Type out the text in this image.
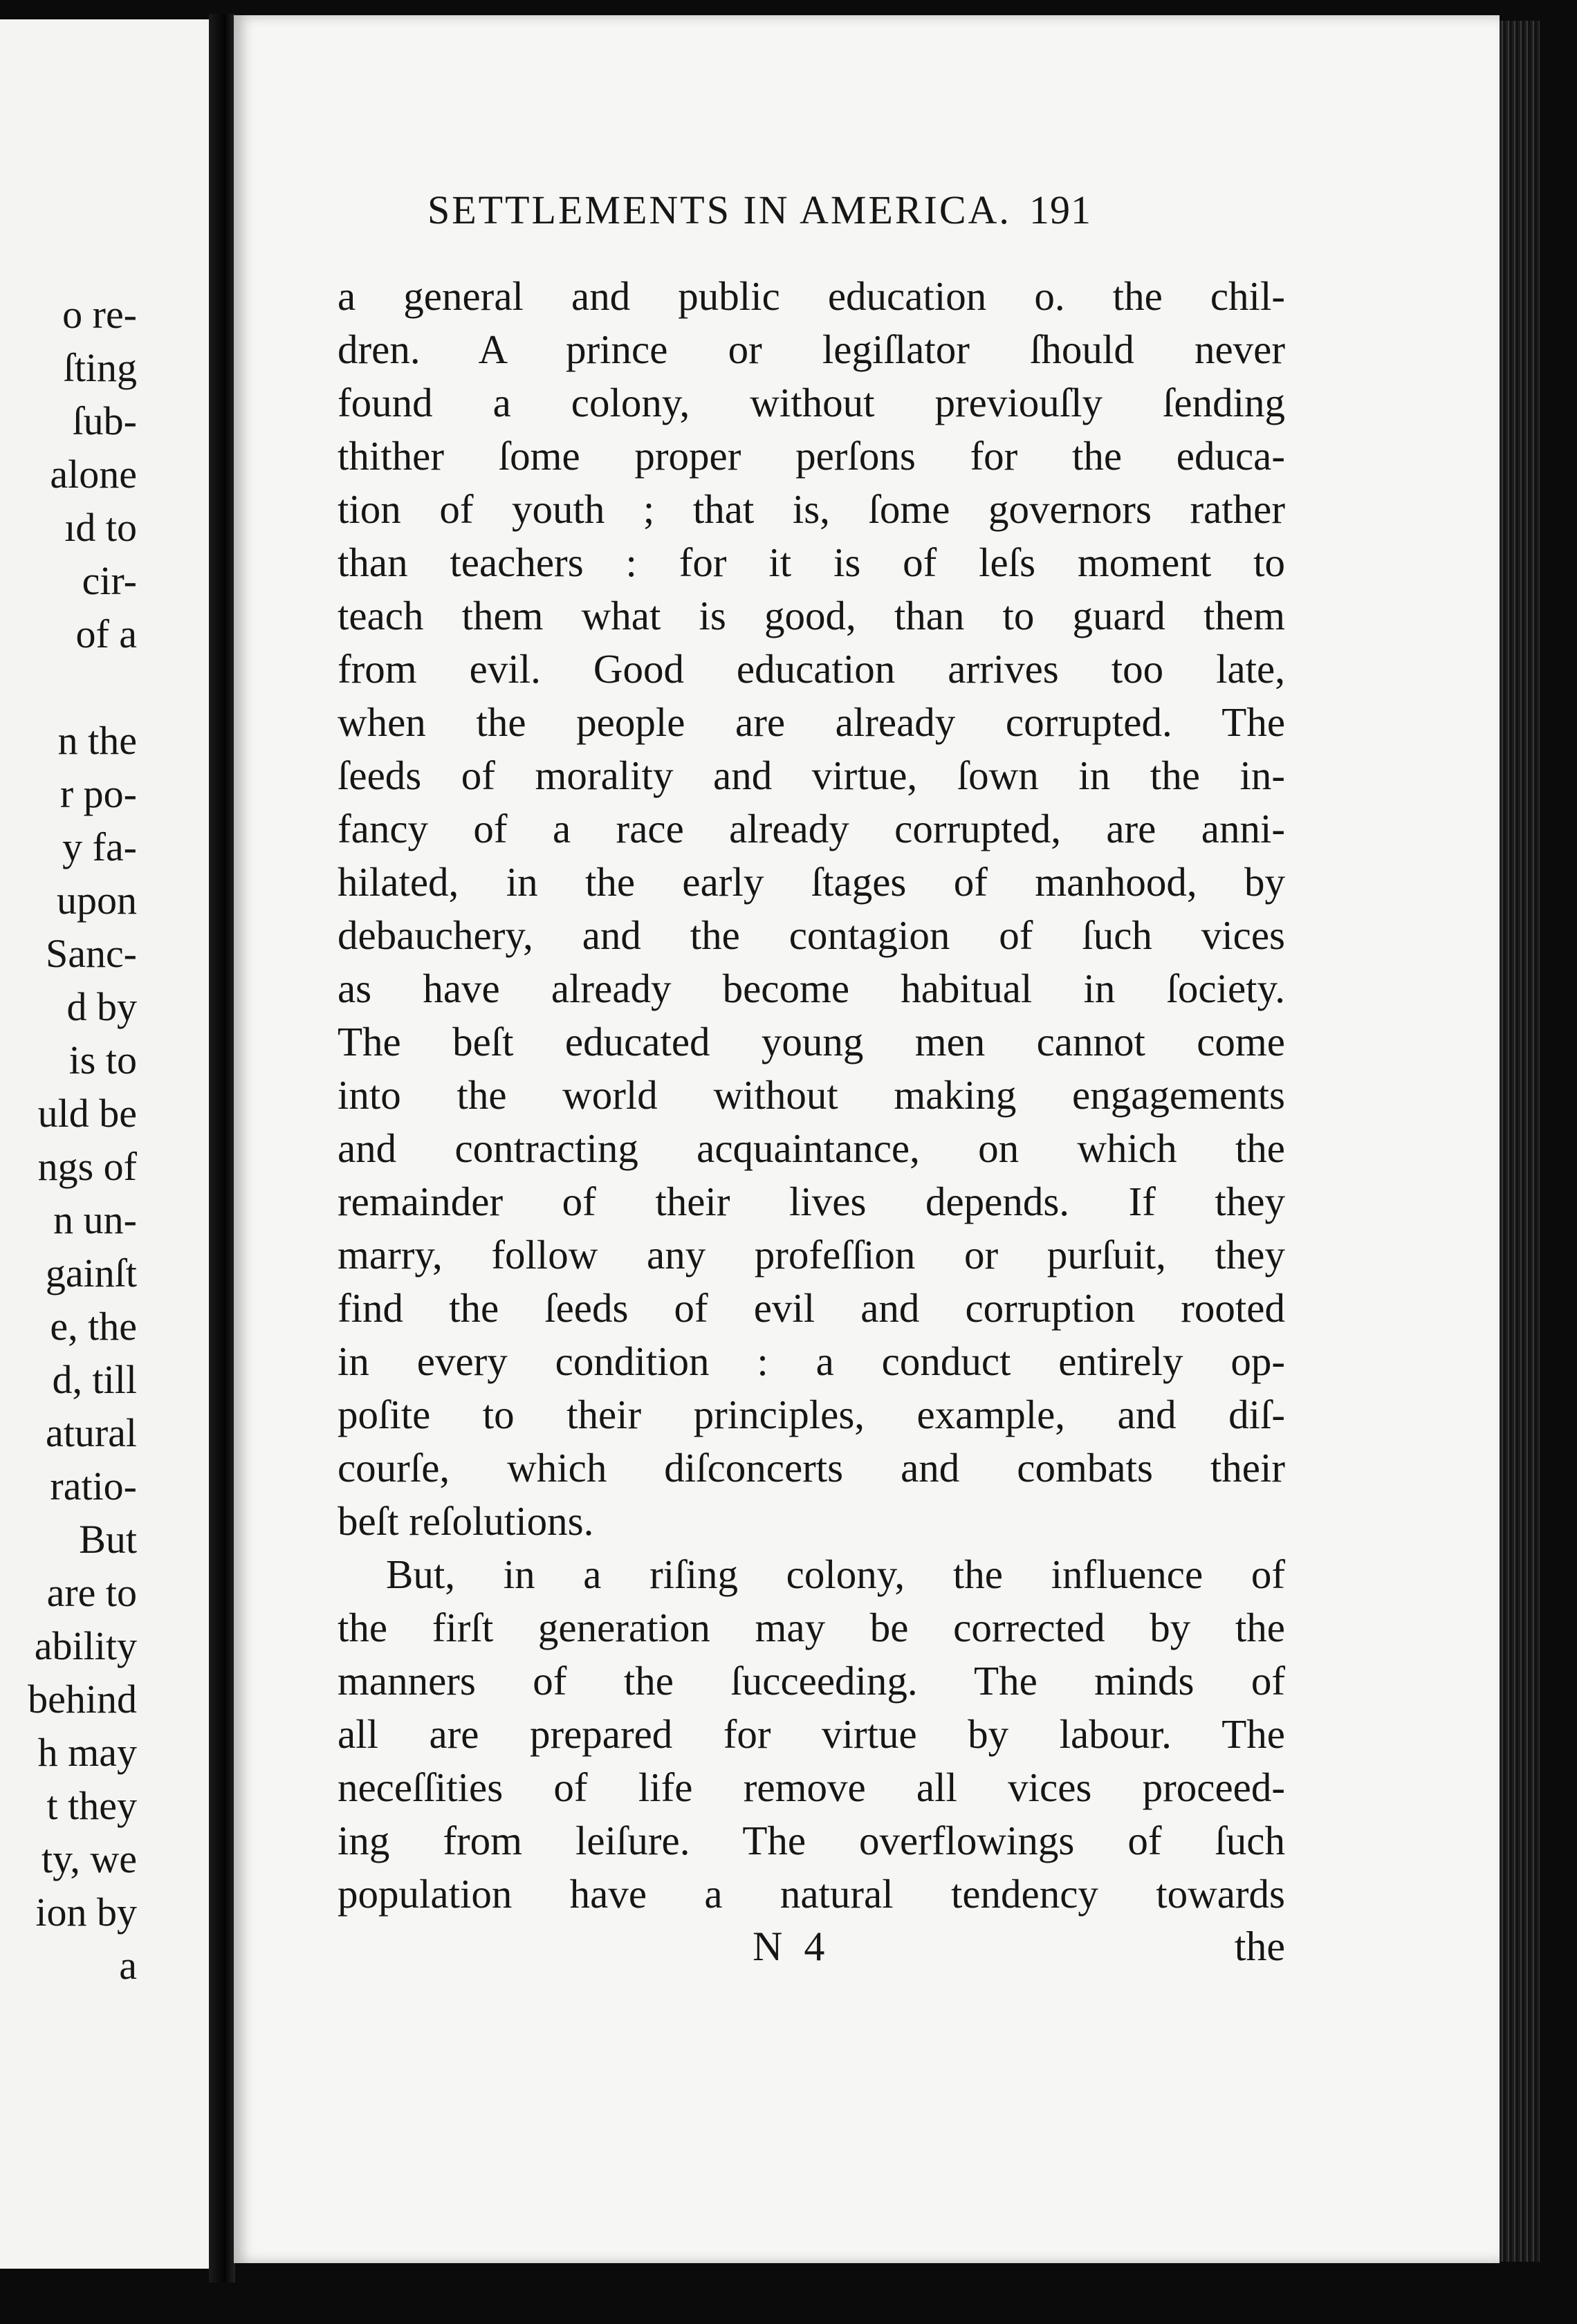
o re-
ſting
ſub-
alone
ıd to
cir-
of a
n the
r po-
y fa-
upon
Sanc-
d by
is to
uld be
ngs of
n un-
gainſt
e, the
d, till
atural
ratio-
But
are to
ability
behind
h may
t they
ty, we
ion by
a
SETTLEMENTS IN AMERICA. 191
a general and public education o. the chil-
dren. A prince or legiſlator ſhould never
found a colony, without previouſly ſending
thither ſome proper perſons for the educa-
tion of youth ; that is, ſome governors rather
than teachers : for it is of leſs moment to
teach them what is good, than to guard them
from evil. Good education arrives too late,
when the people are already corrupted. The
ſeeds of morality and virtue, ſown in the in-
fancy of a race already corrupted, are anni-
hilated, in the early ſtages of manhood, by
debauchery, and the contagion of ſuch vices
as have already become habitual in ſociety.
The beſt educated young men cannot come
into the world without making engagements
and contracting acquaintance, on which the
remainder of their lives depends. If they
marry, follow any profeſſion or purſuit, they
find the ſeeds of evil and corruption rooted
in every condition : a conduct entirely op-
poſite to their principles, example, and diſ-
courſe, which diſconcerts and combats their
beſt reſolutions.
But, in a riſing colony, the influence of
the firſt generation may be corrected by the
manners of the ſucceeding. The minds of
all are prepared for virtue by labour. The
neceſſities of life remove all vices proceed-
ing from leiſure. The overflowings of ſuch
population have a natural tendency towards
N 4	the
